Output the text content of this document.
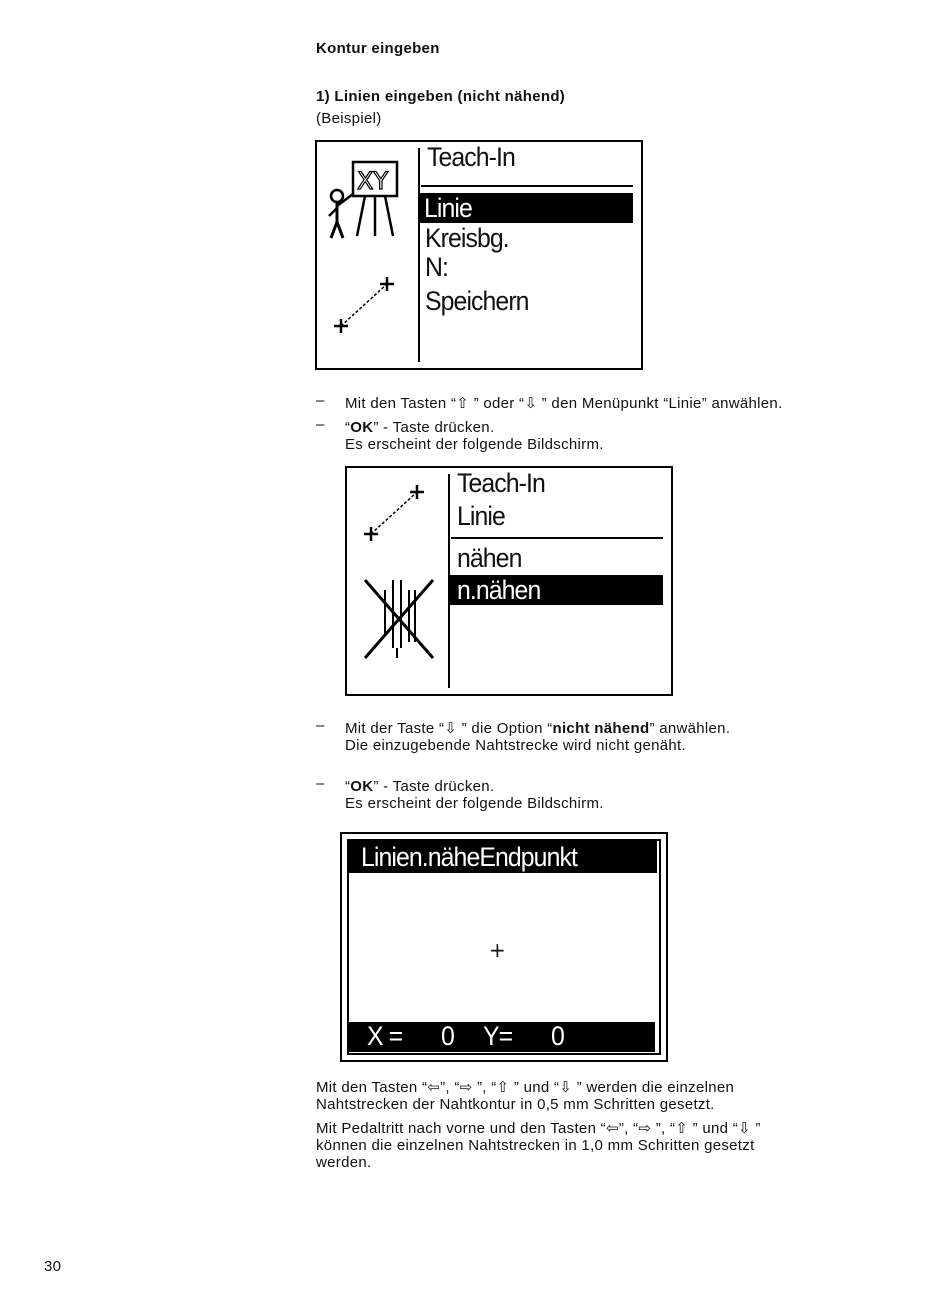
Kontur eingeben
1) Linien eingeben (nicht nähend)
(Beispiel)
XY
Teach-In
Linie
Kreisbg.
N:
Speichern
– Mit den Tasten “⇧ ” oder “⇩ ” den Menüpunkt “Linie” anwählen.
– “OK” - Taste drücken.
Es erscheint der folgende Bildschirm.
Teach-In
Linie
nähen
n.nähen
– Mit der Taste “⇩ ” die Option “nicht nähend” anwählen.
Die einzugebende Nahtstrecke wird nicht genäht.
– “OK” - Taste drücken.
Es erscheint der folgende Bildschirm.
Linien.näheEndpunkt
+
X = 0 Y= 0
Mit den Tasten “⇦”, “⇨ ”, “⇧ ” und “⇩ ” werden die einzelnen
Nahtstrecken der Nahtkontur in 0,5 mm Schritten gesetzt.
Mit Pedaltritt nach vorne und den Tasten “⇦”, “⇨ ”, “⇧ ” und “⇩ ”
können die einzelnen Nahtstrecken in 1,0 mm Schritten gesetzt
werden.
30
